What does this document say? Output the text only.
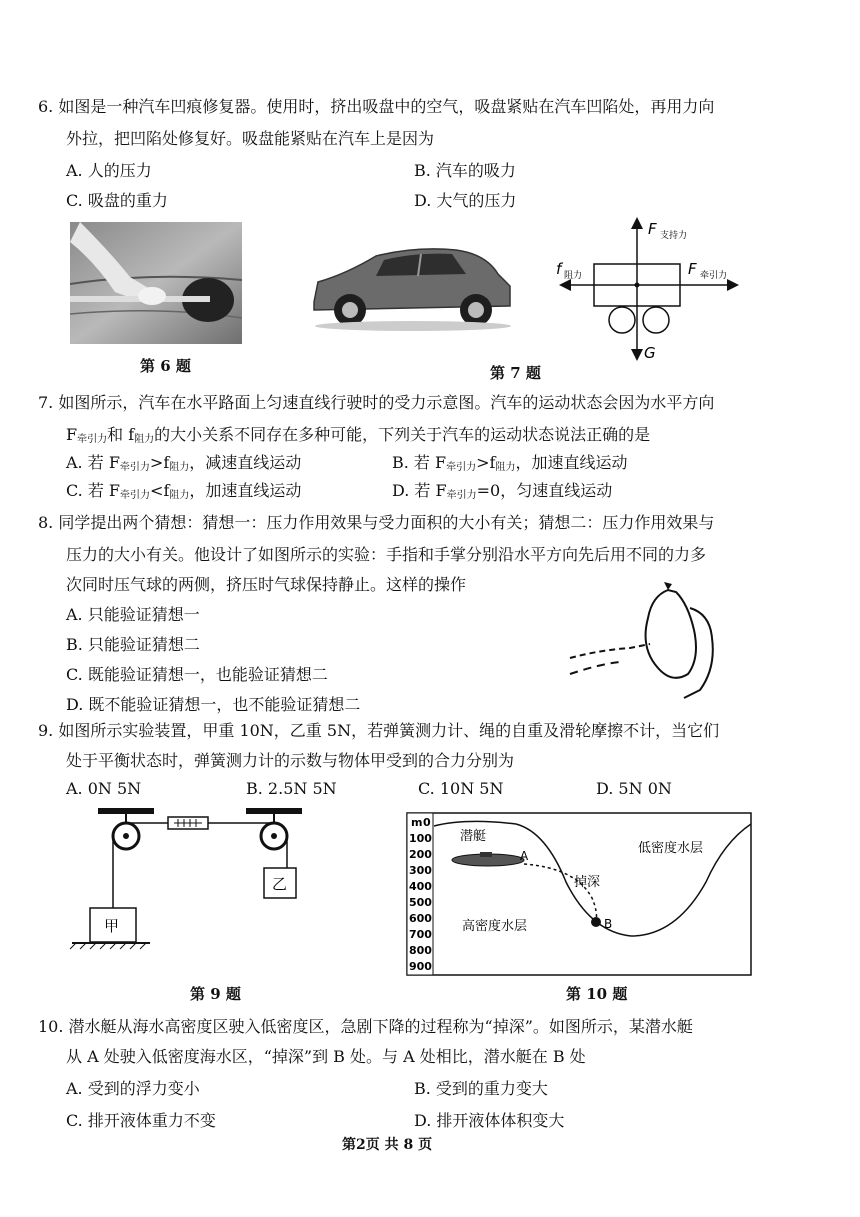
6. 如图是一种汽车凹痕修复器。使用时，挤出吸盘中的空气，吸盘紧贴在汽车凹陷处，再用力向
外拉，把凹陷处修复好。吸盘能紧贴在汽车上是因为
A. 人的压力	B. 汽车的吸力
C. 吸盘的重力	D. 大气的压力
第 6 题	第 7 题
F 支持力
f 阻力	F 牵引力
G
7. 如图所示，汽车在水平路面上匀速直线行驶时的受力示意图。汽车的运动状态会因为水平方向
$F_{牵引力}$和 $f_{阻力}$的大小关系不同存在多种可能，下列关于汽车的运动状态说法正确的是
A. 若 $F_{牵引力}>f_{阻力}$，减速直线运动	B. 若 $F_{牵引力}>f_{阻力}$，加速直线运动
C. 若 $F_{牵引力}<f_{阻力}$，加速直线运动	D. 若 $F_{牵引力}=0$，匀速直线运动
8. 同学提出两个猜想：猜想一：压力作用效果与受力面积的大小有关；猜想二：压力作用效果与
压力的大小有关。他设计了如图所示的实验：手指和手掌分别沿水平方向先后用不同的力多
次同时压气球的两侧，挤压时气球保持静止。这样的操作
A. 只能验证猜想一
B. 只能验证猜想二
C. 既能验证猜想一，也能验证猜想二
D. 既不能验证猜想一，也不能验证猜想二
9. 如图所示实验装置，甲重 10N，乙重 5N，若弹簧测力计、绳的自重及滑轮摩擦不计，当它们
处于平衡状态时，弹簧测力计的示数与物体甲受到的合力分别为
A. 0N 5N	B. 2.5N 5N	C. 10N 5N	D. 5N 0N
甲
乙
第 9 题
m
100
200
300
400
500
600
700
800
900
0
潜艇
A
掉深
B
低密度水层
高密度水层
第 10 题
10. 潜水艇从海水高密度区驶入低密度区，急剧下降的过程称为“掉深”。如图所示，某潜水艇
从 A 处驶入低密度海水区，“掉深”到 B 处。与 A 处相比，潜水艇在 B 处
A. 受到的浮力变小	B. 受到的重力变大
C. 排开液体重力不变	D. 排开液体体积变大
第2页 共 8 页
